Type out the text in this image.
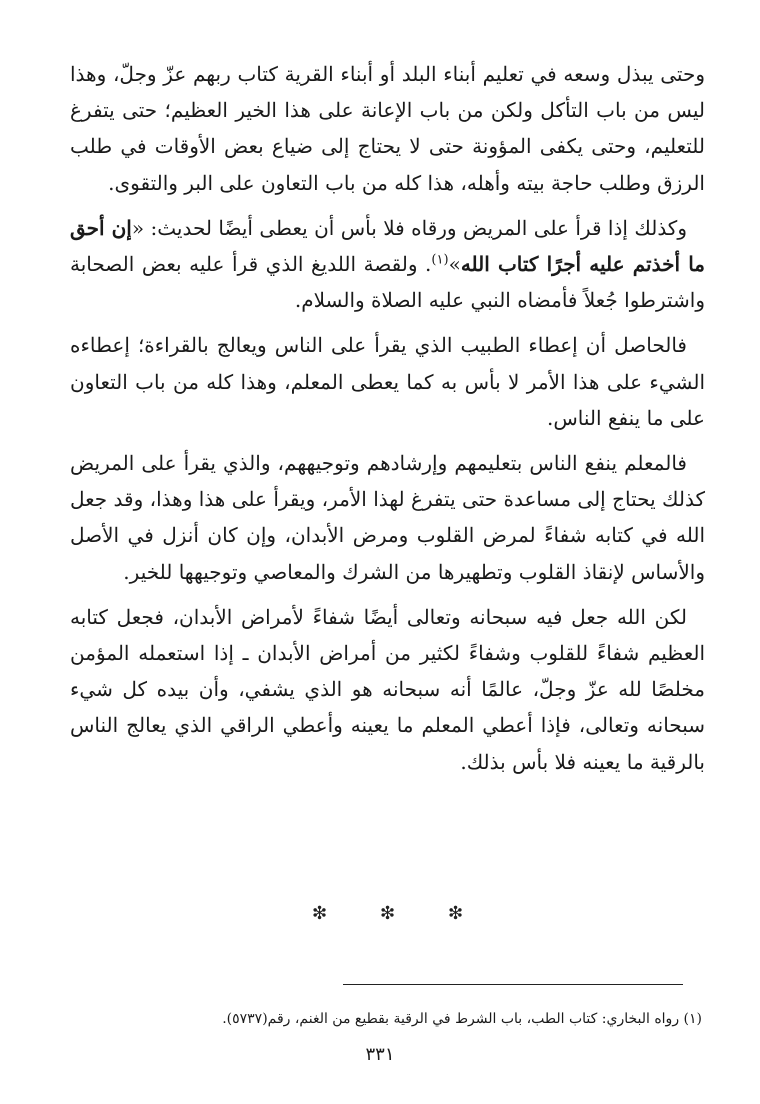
وحتى يبذل وسعه في تعليم أبناء البلد أو أبناء القرية كتاب ربهم عزّ وجلّ، وهذا ليس من باب التأكل ولكن من باب الإعانة على هذا الخير العظيم؛ حتى يتفرغ للتعليم، وحتى يكفى المؤونة حتى لا يحتاج إلى ضياع بعض الأوقات في طلب الرزق وطلب حاجة بيته وأهله، هذا كله من باب التعاون على البر والتقوى.

وكذلك إذا قرأ على المريض ورقاه فلا بأس أن يعطى أيضًا لحديث: «إن أحق ما أخذتم عليه أجرًا كتاب الله»$^{(١)}$. ولقصة اللديغ الذي قرأ عليه بعض الصحابة واشترطوا جُعلاً فأمضاه النبي عليه الصلاة والسلام.

فالحاصل أن إعطاء الطبيب الذي يقرأ على الناس ويعالج بالقراءة؛ إعطاءه الشيء على هذا الأمر لا بأس به كما يعطى المعلم، وهذا كله من باب التعاون على ما ينفع الناس.

فالمعلم ينفع الناس بتعليمهم وإرشادهم وتوجيههم، والذي يقرأ على المريض كذلك يحتاج إلى مساعدة حتى يتفرغ لهذا الأمر، ويقرأ على هذا وهذا، وقد جعل الله في كتابه شفاءً لمرض القلوب ومرض الأبدان، وإن كان أنزل في الأصل والأساس لإنقاذ القلوب وتطهيرها من الشرك والمعاصي وتوجيهها للخير.

لكن الله جعل فيه سبحانه وتعالى أيضًا شفاءً لأمراض الأبدان، فجعل كتابه العظيم شفاءً للقلوب وشفاءً لكثير من أمراض الأبدان ـ إذا استعمله المؤمن مخلصًا لله عزّ وجلّ، عالمًا أنه سبحانه هو الذي يشفي، وأن بيده كل شيء سبحانه وتعالى، فإذا أعطي المعلم ما يعينه وأعطي الراقي الذي يعالج الناس بالرقية ما يعينه فلا بأس بذلك.

❇	❇	❇
(١) رواه البخاري: كتاب الطب، باب الشرط في الرقية بقطيع من الغنم، رقم(٥٧٣٧).
٣٣١
